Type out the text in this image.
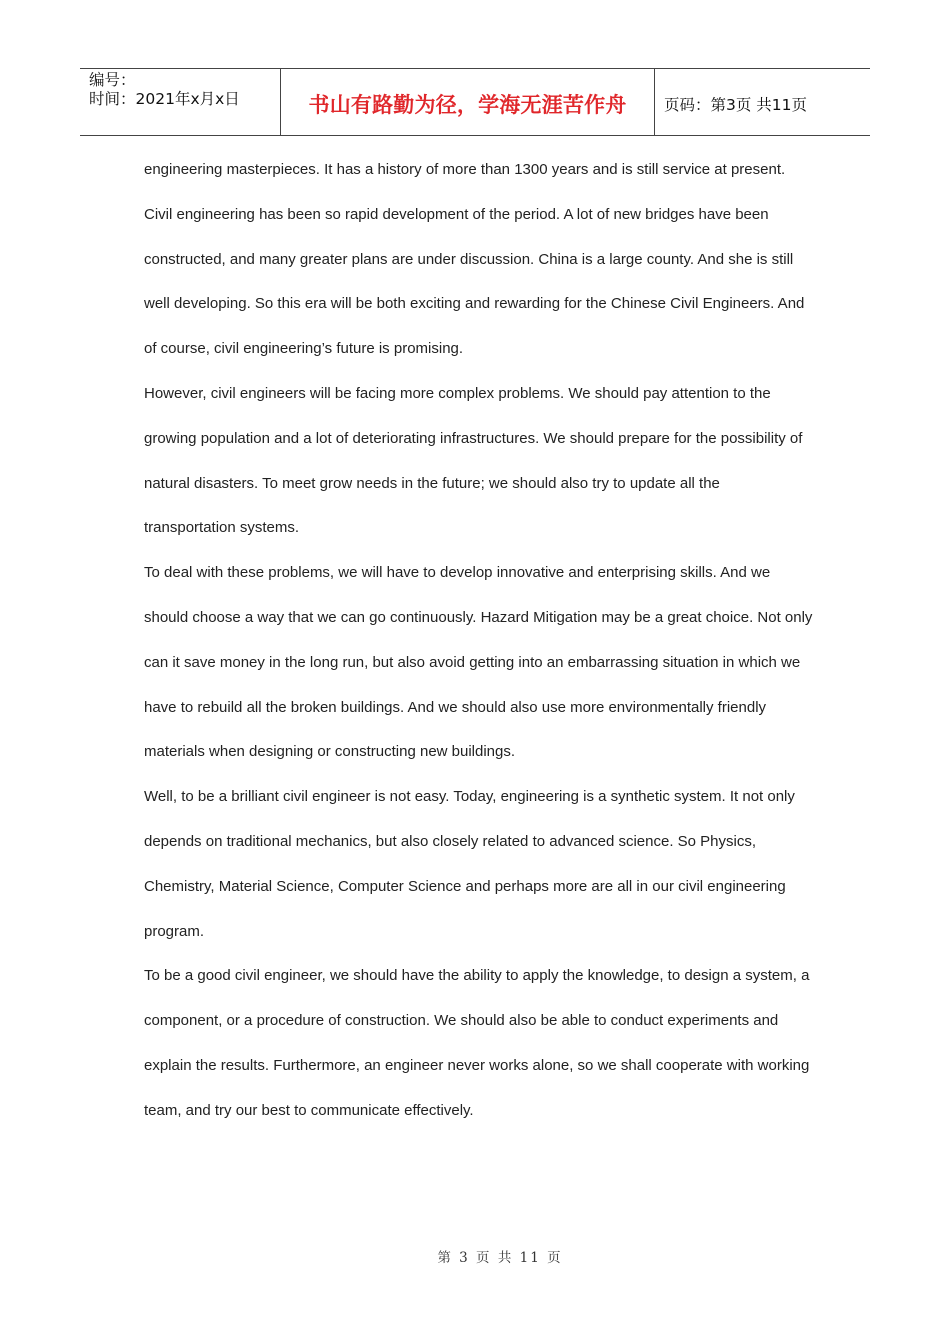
编号：
时间：2021年x月x日	书山有路勤为径，学海无涯苦作舟 页码：第3页 共11页

engineering masterpieces. It has a history of more than 1300 years and is still service at present.

Civil engineering has been so rapid development of the period. A lot of new bridges have been constructed, and many greater plans are under discussion. China is a large county. And she is still well developing. So this era will be both exciting and rewarding for the Chinese Civil Engineers. And of course, civil engineering’s future is promising.

However, civil engineers will be facing more complex problems. We should pay attention to the growing population and a lot of deteriorating infrastructures. We should prepare for the possibility of natural disasters. To meet grow needs in the future; we should also try to update all the transportation systems.

To deal with these problems, we will have to develop innovative and enterprising skills. And we should choose a way that we can go continuously. Hazard Mitigation may be a great choice. Not only can it save money in the long run, but also avoid getting into an embarrassing situation in which we have to rebuild all the broken buildings. And we should also use more environmentally friendly materials when designing or constructing new buildings.

Well, to be a brilliant civil engineer is not easy. Today, engineering is a synthetic system. It not only depends on traditional mechanics, but also closely related to advanced science. So Physics, Chemistry, Material Science, Computer Science and perhaps more are all in our civil engineering program.

To be a good civil engineer, we should have the ability to apply the knowledge, to design a system, a component, or a procedure of construction. We should also be able to conduct experiments and explain the results. Furthermore, an engineer never works alone, so we shall cooperate with working team, and try our best to communicate effectively.

第 3 页 共 11 页
